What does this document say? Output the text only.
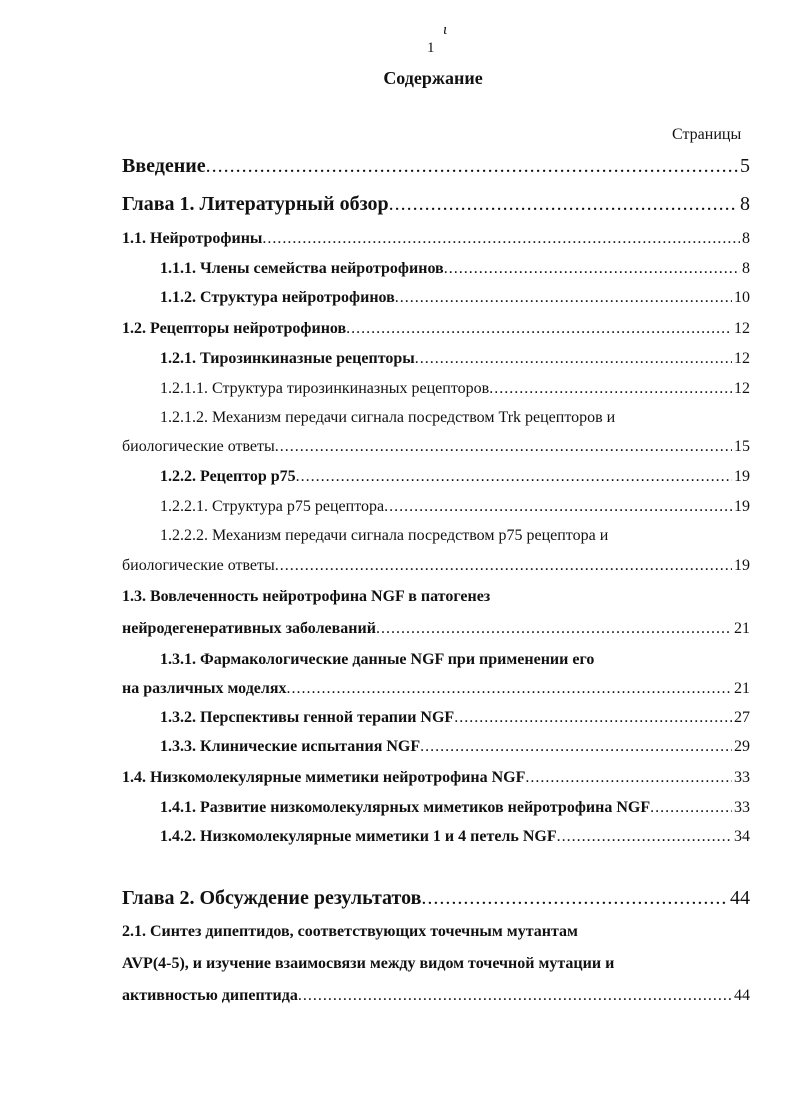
ι
1
Содержание
Страницы
Введение .....	5
Глава 1. Литературный обзор .....	8
1.1. Нейротрофины .....	8
1.1.1. Члены семейства нейротрофинов .....	8
1.1.2. Структура нейротрофинов .....	10
1.2. Рецепторы нейротрофинов .....	12
1.2.1. Тирозинкиназные рецепторы .....	12
1.2.1.1. Структура тирозинкиназных рецепторов .....	12
1.2.1.2. Механизм передачи сигнала посредством Trk рецепторов и
биологические ответы .....	15
1.2.2. Рецептор р75 .....	19
1.2.2.1. Структура р75 рецептора .....	19
1.2.2.2. Механизм передачи сигнала посредством р75 рецептора и
биологические ответы .....	19
1.3. Вовлеченность нейротрофина NGF в патогенез
нейродегенеративных заболеваний .....	21
1.3.1. Фармакологические данные NGF при применении его
на различных моделях .....	21
1.3.2. Перспективы генной терапии NGF .....	27
1.3.3. Клинические испытания NGF .....	29
1.4. Низкомолекулярные миметики нейротрофина NGF .....	33
1.4.1. Развитие низкомолекулярных миметиков нейротрофина NGF .....	33
1.4.2. Низкомолекулярные миметики 1 и 4 петель NGF .....	34
Глава 2. Обсуждение результатов .....	44
2.1. Синтез дипептидов, соответствующих точечным мутантам
AVP(4-5), и изучение взаимосвязи между видом точечной мутации и
активностью дипептида .....	44
